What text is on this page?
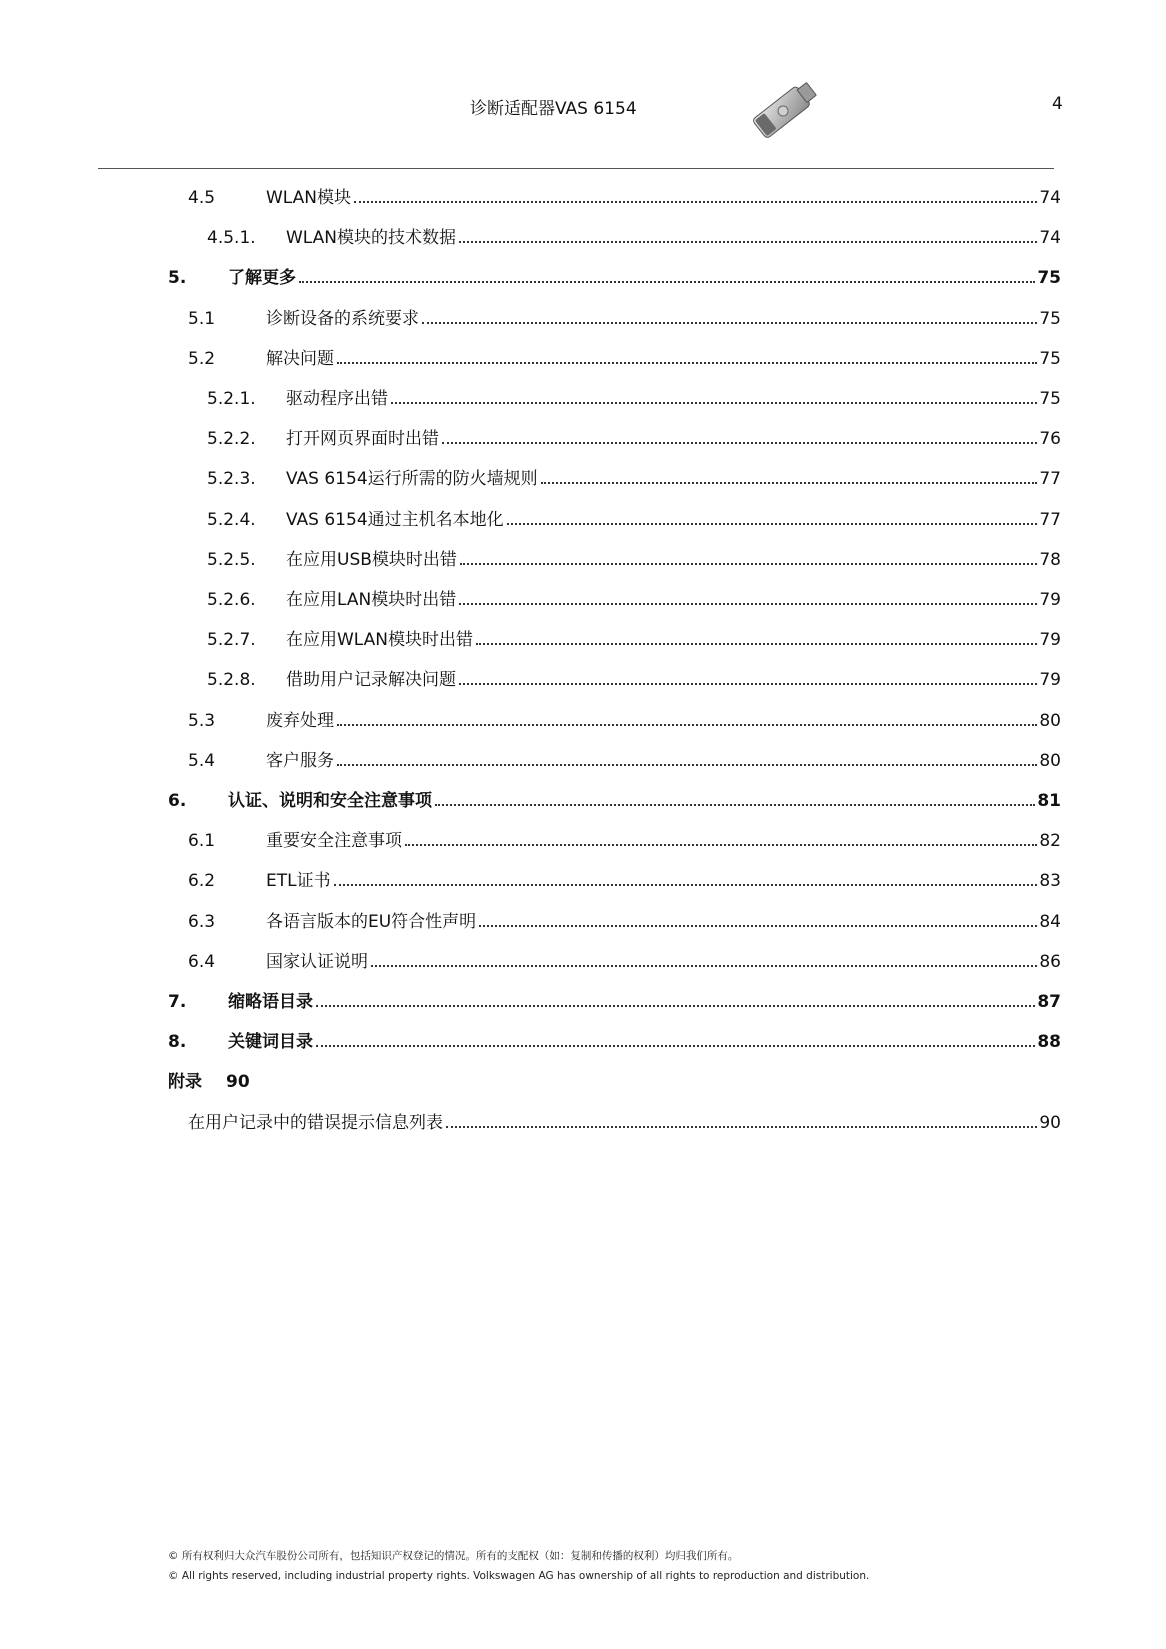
诊断适配器VAS 6154	4
4.5	WLAN模块	74
4.5.1. WLAN模块的技术数据	74
5. 了解更多	75
5.1	诊断设备的系统要求	75
5.2	解决问题	75
5.2.1. 驱动程序出错	75
5.2.2. 打开网页界面时出错	76
5.2.3. VAS 6154运行所需的防火墙规则	77
5.2.4. VAS 6154通过主机名本地化	77
5.2.5. 在应用USB模块时出错	78
5.2.6. 在应用LAN模块时出错	79
5.2.7. 在应用WLAN模块时出错	79
5.2.8. 借助用户记录解决问题	79
5.3	废弃处理	80
5.4	客户服务	80
6. 认证、说明和安全注意事项	81
6.1	重要安全注意事项	82
6.2	ETL证书	83
6.3	各语言版本的EU符合性声明	84
6.4	国家认证说明	86
7. 缩略语目录	87
8. 关键词目录	88
附录 90
在用户记录中的错误提示信息列表	90
© 所有权利归大众汽车股份公司所有，包括知识产权登记的情况。所有的支配权（如：复制和传播的权利）均归我们所有。
© All rights reserved, including industrial property rights. Volkswagen AG has ownership of all rights to reproduction and distribution.
